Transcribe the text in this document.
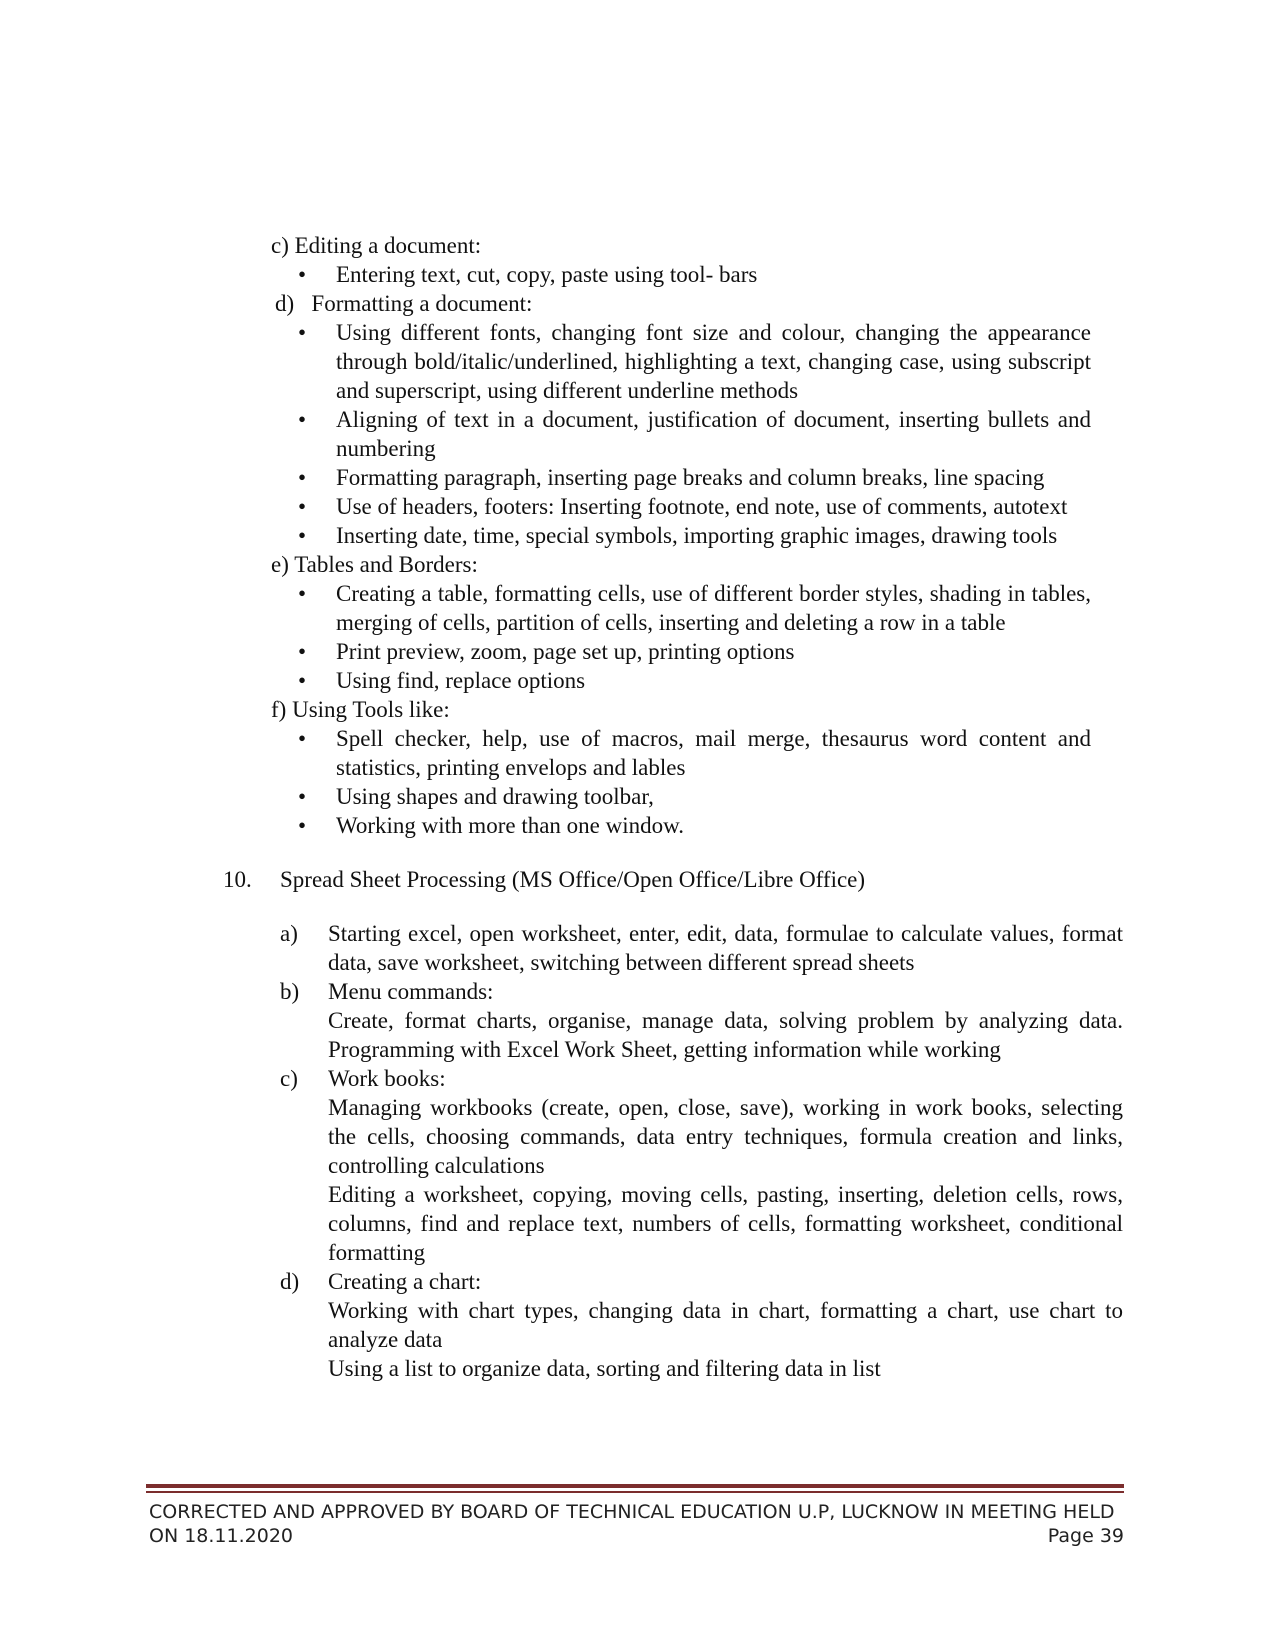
c) Editing a document:
•	Entering text, cut, copy, paste using tool- bars
d) Formatting a document:
•	Using different fonts, changing font size and colour, changing the appearance through bold/italic/underlined, highlighting a text, changing case, using subscript and superscript, using different underline methods
•	Aligning of text in a document, justification of document, inserting bullets and numbering
•	Formatting paragraph, inserting page breaks and column breaks, line spacing
•	Use of headers, footers: Inserting footnote, end note, use of comments, autotext
•	Inserting date, time, special symbols, importing graphic images, drawing tools
e) Tables and Borders:
•	Creating a table, formatting cells, use of different border styles, shading in tables, merging of cells, partition of cells, inserting and deleting a row in a table
•	Print preview, zoom, page set up, printing options
•	Using find, replace options
f) Using Tools like:
•	Spell checker, help, use of macros, mail merge, thesaurus word content and statistics, printing envelops and lables
•	Using shapes and drawing toolbar,
•	Working with more than one window.
10. Spread Sheet Processing (MS Office/Open Office/Libre Office)
a) Starting excel, open worksheet, enter, edit, data, formulae to calculate values, format data, save worksheet, switching between different spread sheets

b) Menu commands:

Create, format charts, organise, manage data, solving problem by analyzing data. Programming with Excel Work Sheet, getting information while working

c) Work books:

Managing workbooks (create, open, close, save), working in work books, selecting the cells, choosing commands, data entry techniques, formula creation and links, controlling calculations

Editing a worksheet, copying, moving cells, pasting, inserting, deletion cells, rows, columns, find and replace text, numbers of cells, formatting worksheet, conditional formatting

d) Creating a chart:

Working with chart types, changing data in chart, formatting a chart, use chart to analyze data

Using a list to organize data, sorting and filtering data in list

CORRECTED AND APPROVED BY BOARD OF TECHNICAL EDUCATION U.P, LUCKNOW IN MEETING HELD ON 18.11.2020	Page 39
